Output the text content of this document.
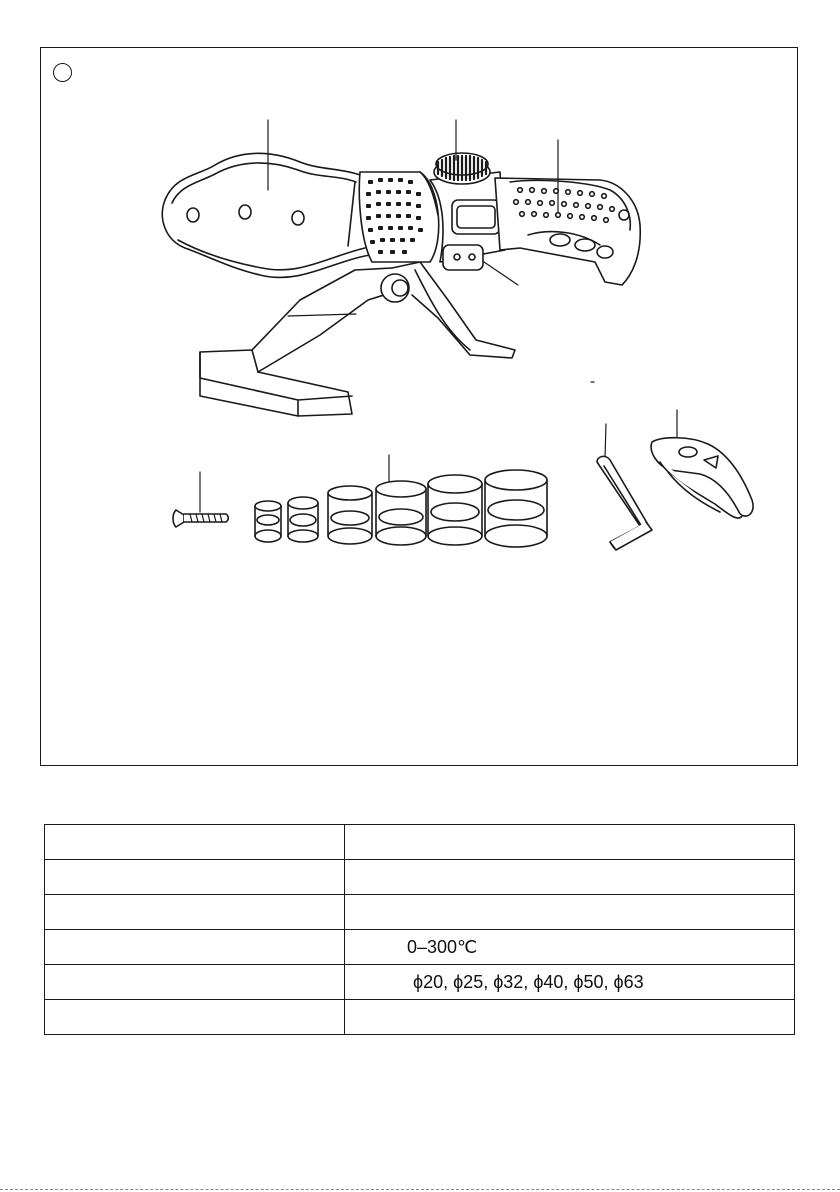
	0–300℃
	ϕ20, ϕ25, ϕ32, ϕ40, ϕ50, ϕ63
